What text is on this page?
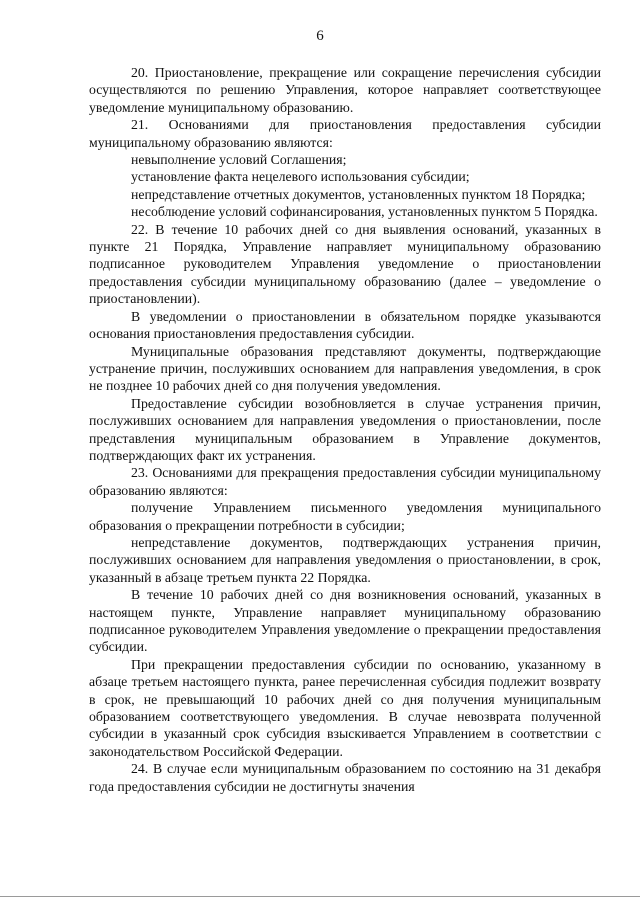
6

20. Приостановление, прекращение или сокращение перечисления субсидии осуществляются по решению Управления, которое направляет соответствующее уведомление муниципальному образованию.

21. Основаниями для приостановления предоставления субсидии муниципальному образованию являются:

невыполнение условий Соглашения;

установление факта нецелевого использования субсидии;

непредставление отчетных документов, установленных пунктом 18 Порядка;

несоблюдение условий софинансирования, установленных пунктом 5 Порядка.

22. В течение 10 рабочих дней со дня выявления оснований, указанных в пункте 21 Порядка, Управление направляет муниципальному образованию подписанное руководителем Управления уведомление о приостановлении предоставления субсидии муниципальному образованию (далее – уведомление о приостановлении).

В уведомлении о приостановлении в обязательном порядке указываются основания приостановления предоставления субсидии.

Муниципальные образования представляют документы, подтверждающие устранение причин, послуживших основанием для направления уведомления, в срок не позднее 10 рабочих дней со дня получения уведомления.

Предоставление субсидии возобновляется в случае устранения причин, послуживших основанием для направления уведомления о приостановлении, после представления муниципальным образованием в Управление документов, подтверждающих факт их устранения.

23. Основаниями для прекращения предоставления субсидии муниципальному образованию являются:

получение Управлением письменного уведомления муниципального образования о прекращении потребности в субсидии;

непредставление документов, подтверждающих устранения причин, послуживших основанием для направления уведомления о приостановлении, в срок, указанный в абзаце третьем пункта 22 Порядка.

В течение 10 рабочих дней со дня возникновения оснований, указанных в настоящем пункте, Управление направляет муниципальному образованию подписанное руководителем Управления уведомление о прекращении предоставления субсидии.

При прекращении предоставления субсидии по основанию, указанному в абзаце третьем настоящего пункта, ранее перечисленная субсидия подлежит возврату в срок, не превышающий 10 рабочих дней со дня получения муниципальным образованием соответствующего уведомления. В случае невозврата полученной субсидии в указанный срок субсидия взыскивается Управлением в соответствии с законодательством Российской Федерации.

24. В случае если муниципальным образованием по состоянию на 31 декабря года предоставления субсидии не достигнуты значения
